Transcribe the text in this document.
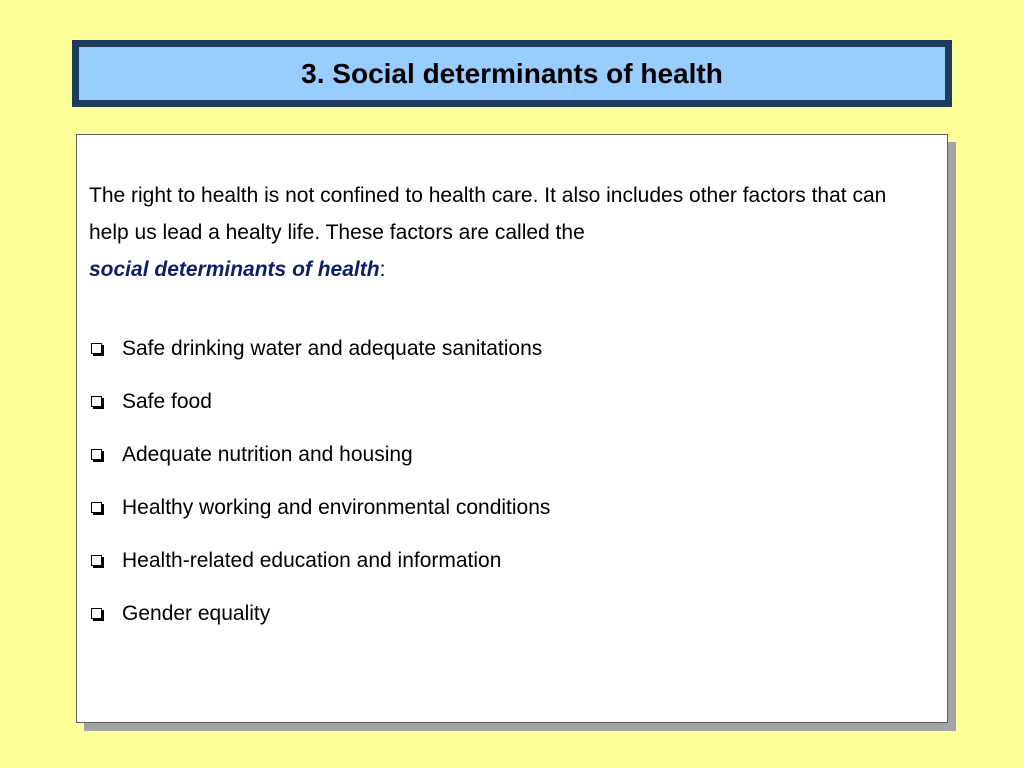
3. Social determinants of health
The right to health is not confined to health care. It also includes other factors that can help us lead a healty life. These factors are called the
social determinants of health:
Safe drinking water and adequate sanitations
Safe food
Adequate nutrition and housing
Healthy working and environmental conditions
Health-related education and information
Gender equality
